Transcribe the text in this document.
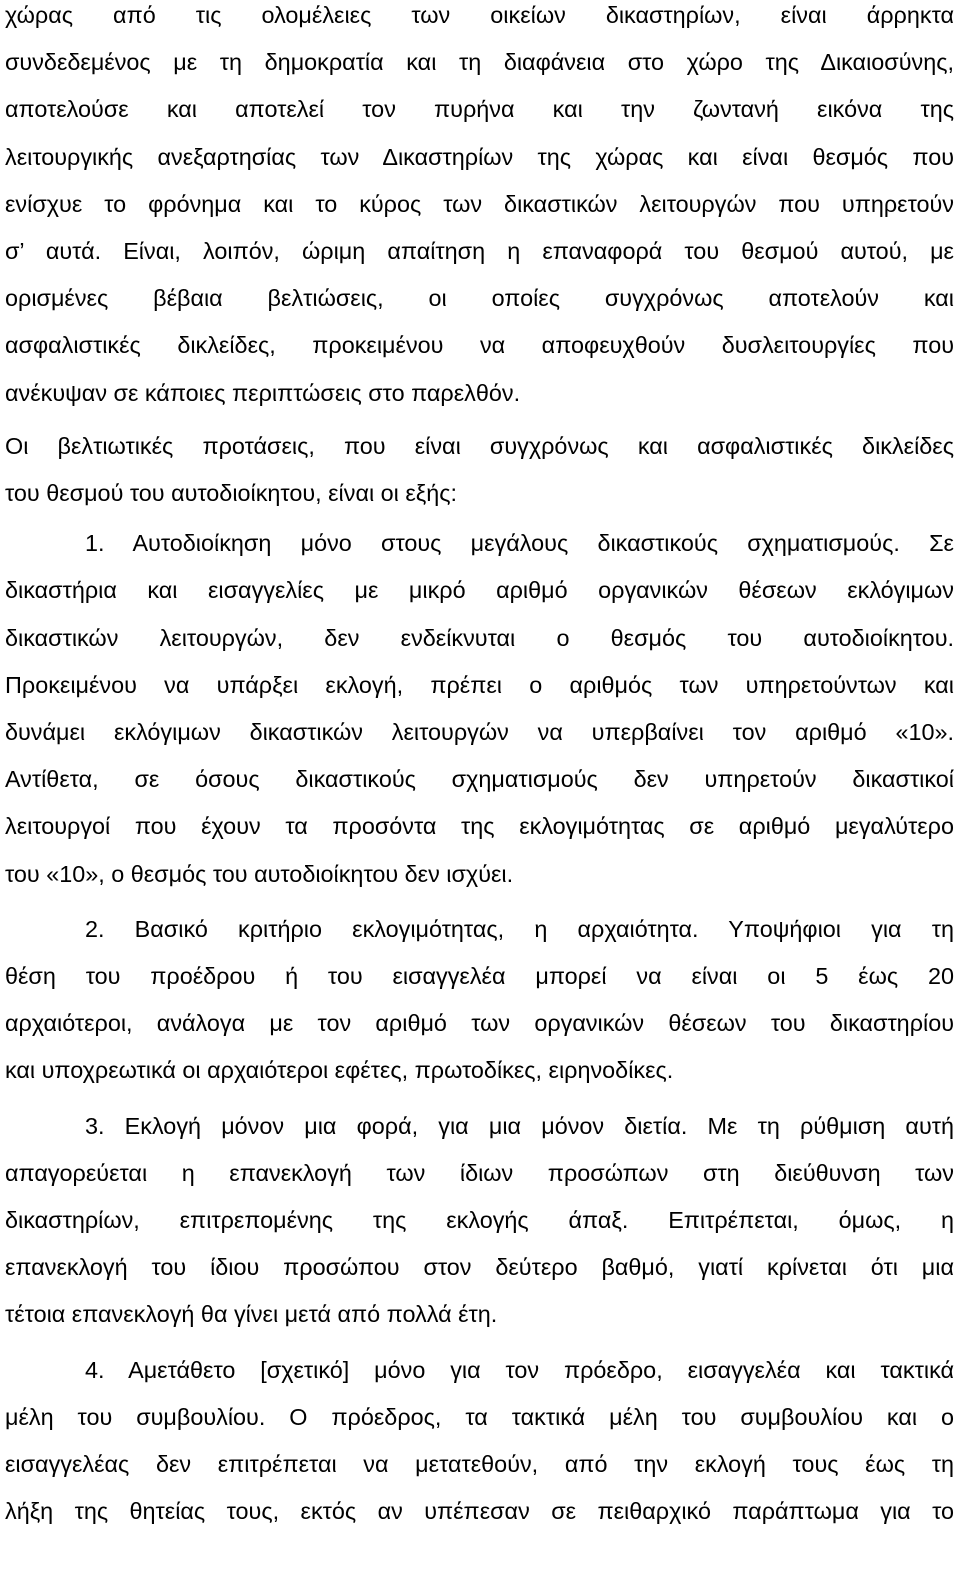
χώρας από τις ολομέλειες των οικείων δικαστηρίων, είναι άρρηκτα
συνδεδεμένος με τη δημοκρατία και τη διαφάνεια στο χώρο της Δικαιοσύνης,
αποτελούσε και αποτελεί τον πυρήνα και την ζωντανή εικόνα της
λειτουργικής ανεξαρτησίας των Δικαστηρίων της χώρας και είναι θεσμός που
ενίσχυε το φρόνημα και το κύρος των δικαστικών λειτουργών που υπηρετούν
σ’ αυτά. Είναι, λοιπόν, ώριμη απαίτηση η επαναφορά του θεσμού αυτού, με
ορισμένες βέβαια βελτιώσεις, οι οποίες συγχρόνως αποτελούν και
ασφαλιστικές δικλείδες, προκειμένου να αποφευχθούν δυσλειτουργίες που
ανέκυψαν σε κάποιες περιπτώσεις στο παρελθόν.

Οι βελτιωτικές προτάσεις, που είναι συγχρόνως και ασφαλιστικές δικλείδες
του θεσμού του αυτοδιοίκητου, είναι οι εξής:

1. Αυτοδιοίκηση μόνο στους μεγάλους δικαστικούς σχηματισμούς. Σε
δικαστήρια και εισαγγελίες με μικρό αριθμό οργανικών θέσεων εκλόγιμων
δικαστικών λειτουργών, δεν ενδείκνυται ο θεσμός του αυτοδιοίκητου.
Προκειμένου να υπάρξει εκλογή, πρέπει ο αριθμός των υπηρετούντων και
δυνάμει εκλόγιμων δικαστικών λειτουργών να υπερβαίνει τον αριθμό «10».
Αντίθετα, σε όσους δικαστικούς σχηματισμούς δεν υπηρετούν δικαστικοί
λειτουργοί που έχουν τα προσόντα της εκλογιμότητας σε αριθμό μεγαλύτερο
του «10», ο θεσμός του αυτοδιοίκητου δεν ισχύει.

2. Βασικό κριτήριο εκλογιμότητας, η αρχαιότητα. Υποψήφιοι για τη
θέση του προέδρου ή του εισαγγελέα μπορεί να είναι οι 5 έως 20
αρχαιότεροι, ανάλογα με τον αριθμό των οργανικών θέσεων του δικαστηρίου
και υποχρεωτικά οι αρχαιότεροι εφέτες, πρωτοδίκες, ειρηνοδίκες.

3. Εκλογή μόνον μια φορά, για μια μόνον διετία. Με τη ρύθμιση αυτή
απαγορεύεται η επανεκλογή των ίδιων προσώπων στη διεύθυνση των
δικαστηρίων, επιτρεπομένης της εκλογής άπαξ. Επιτρέπεται, όμως, η
επανεκλογή του ίδιου προσώπου στον δεύτερο βαθμό, γιατί κρίνεται ότι μια
τέτοια επανεκλογή θα γίνει μετά από πολλά έτη.

4. Αμετάθετο [σχετικό] μόνο για τον πρόεδρο, εισαγγελέα και τακτικά
μέλη του συμβουλίου. Ο πρόεδρος, τα τακτικά μέλη του συμβουλίου και ο
εισαγγελέας δεν επιτρέπεται να μετατεθούν, από την εκλογή τους έως τη
λήξη της θητείας τους, εκτός αν υπέπεσαν σε πειθαρχικό παράπτωμα για το
